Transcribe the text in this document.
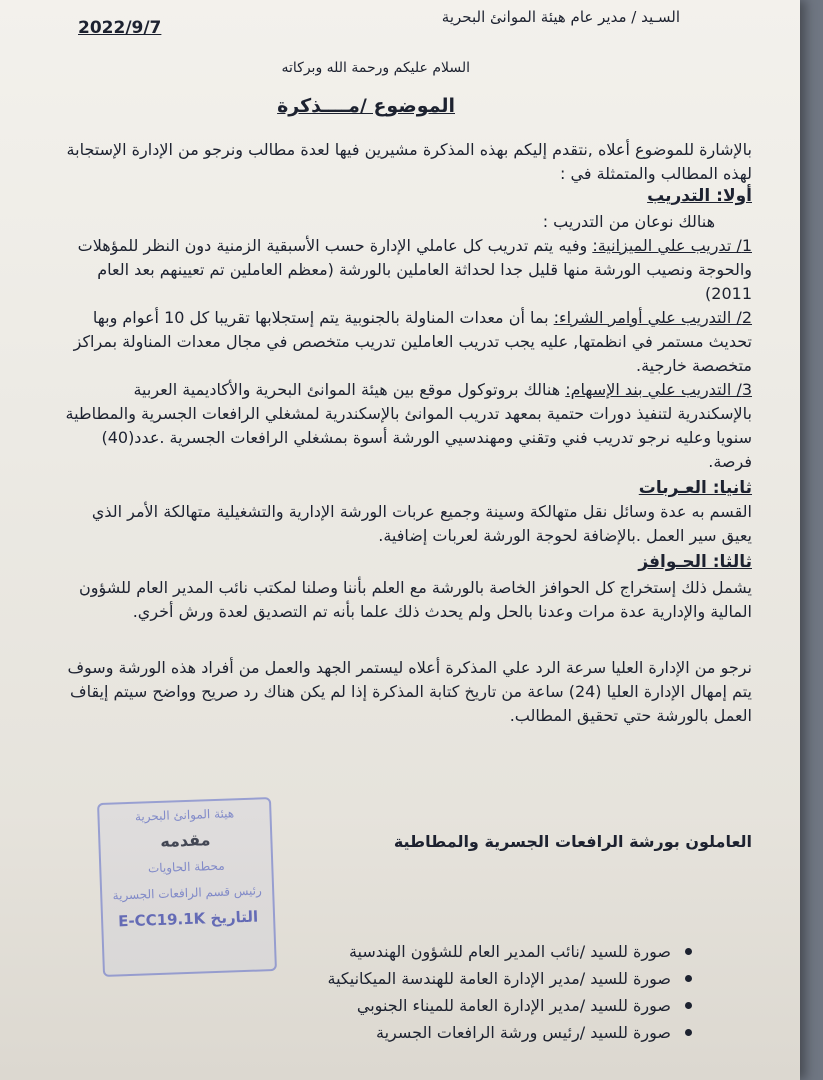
2022/9/7
السـيد / مدير عام هيئة الموانئ البحرية
السلام عليكم ورحمة الله وبركاته
الموضوع /مــــذكرة
بالإشارة للموضوع أعلاه ,نتقدم إليكم بهذه المذكرة مشيرين فيها لعدة مطالب ونرجو من الإدارة الإستجابة لهذه المطالب والمتمثلة في :
أولا: التدريب
هنالك نوعان من التدريب :
1/ تدريب علي الميزانية: وفيه يتم تدريب كل عاملي الإدارة حسب الأسبقية الزمنية دون النظر للمؤهلات والحوجة ونصيب الورشة منها قليل جدا لحداثة العاملين بالورشة (معظم العاملين تم تعيينهم بعد العام 2011)
2/ التدريب علي أوامر الشراء: بما أن معدات المناولة بالجنوبية يتم إستجلابها تقريبا كل 10 أعوام وبها تحديث مستمر في انظمتها, عليه يجب تدريب العاملين تدريب متخصص في مجال معدات المناولة بمراكز متخصصة خارجية.
3/ التدريب علي بند الإسهام: هنالك بروتوكول موقع بين هيئة الموانئ البحرية والأكاديمية العربية بالإسكندرية لتنفيذ دورات حتمية بمعهد تدريب الموانئ بالإسكندرية لمشغلي الرافعات الجسرية والمطاطية سنويا وعليه نرجو تدريب فني وتقني ومهندسيي الورشة أسوة بمشغلي الرافعات الجسرية .عدد(40) فرصة.
ثانيا: العـربات
القسم به عدة وسائل نقل متهالكة وسينة وجميع عربات الورشة الإدارية والتشغيلية متهالكة الأمر الذي يعيق سير العمل .بالإضافة لحوجة الورشة لعربات إضافية.
ثالثا: الحـوافز
يشمل ذلك إستخراج كل الحوافز الخاصة بالورشة مع العلم بأننا وصلنا لمكتب نائب المدير العام للشؤون المالية والإدارية عدة مرات وعدنا بالحل ولم يحدث ذلك علما بأنه تم التصديق لعدة ورش أخري.
نرجو من الإدارة العليا سرعة الرد علي المذكرة أعلاه ليستمر الجهد والعمل من أفراد هذه الورشة وسوف يتم إمهال الإدارة العليا (24) ساعة من تاريخ كتابة المذكرة إذا لم يكن هناك رد صريح وواضح سيتم إيقاف العمل بالورشة حتي تحقيق المطالب.
هيئة الموانئ البحرية
مقدمه
محطة الحاويات
رئيس قسم الرافعات الجسرية
E-CC19.1K التاريخ
العاملون بورشة الرافعات الجسرية والمطاطية
صورة للسيد /نائب المدير العام للشؤون الهندسية
صورة للسيد /مدير الإدارة العامة للهندسة الميكانيكية
صورة للسيد /مدير الإدارة العامة للميناء الجنوبي
صورة للسيد /رئيس ورشة الرافعات الجسرية
